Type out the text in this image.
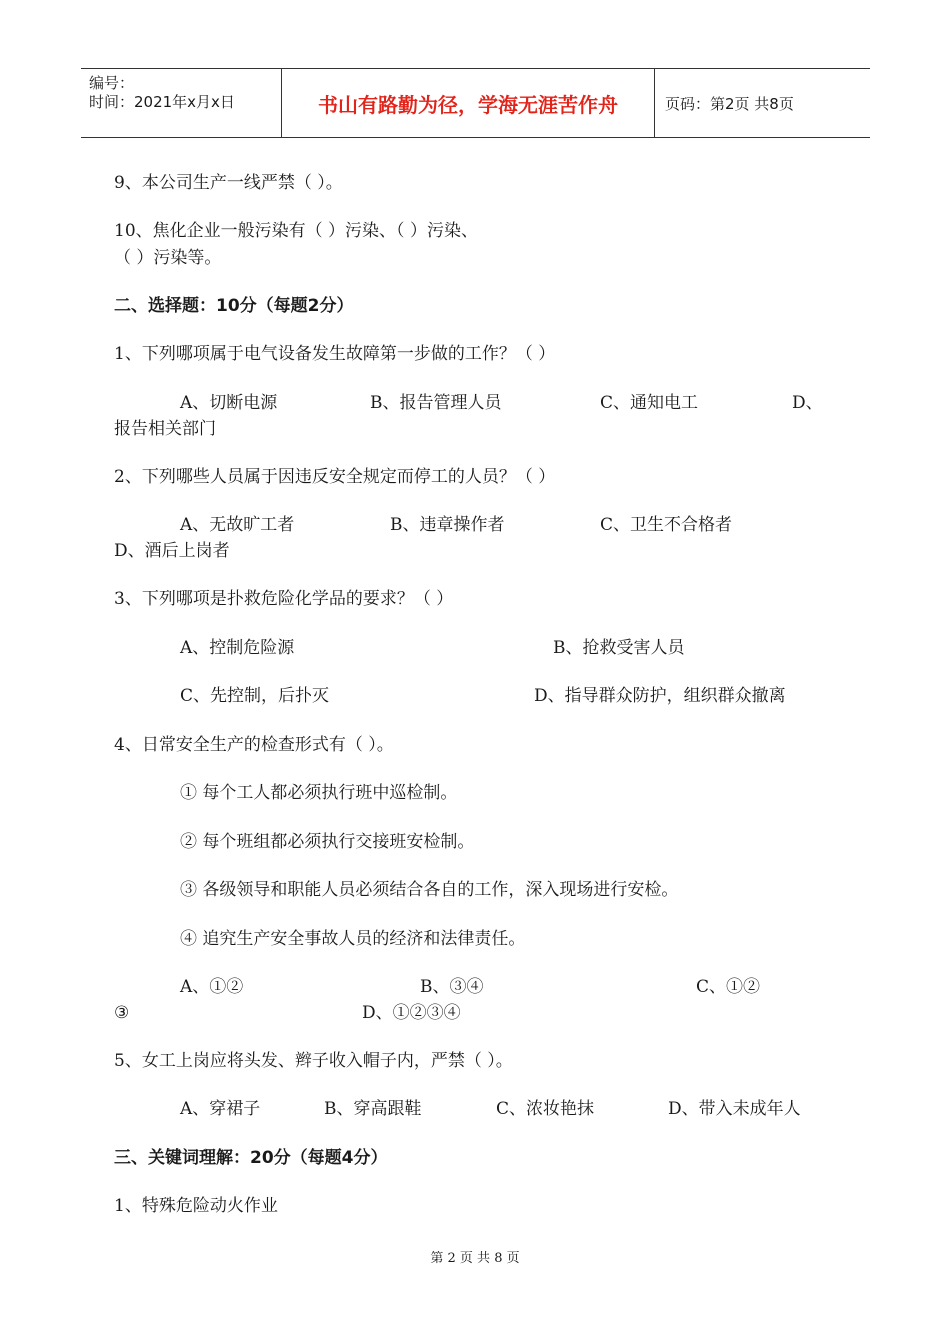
编号：
时间：2021年x月x日	书山有路勤为径，学海无涯苦作舟	页码：第2页 共8页
9、本公司生产一线严禁（ ）。
10、焦化企业一般污染有（ ）污染、（ ）污染、
（ ）污染等。
二、选择题：10分（每题2分）
1、下列哪项属于电气设备发生故障第一步做的工作？（ ）
A、切断电源	B、报告管理人员	C、通知电工	D、
报告相关部门
2、下列哪些人员属于因违反安全规定而停工的人员？（ ）
A、无故旷工者	B、违章操作者	C、卫生不合格者
D、酒后上岗者
3、下列哪项是扑救危险化学品的要求？（ ）
A、控制危险源	B、抢救受害人员
C、先控制，后扑灭	D、指导群众防护，组织群众撤离
4、日常安全生产的检查形式有（ ）。
① 每个工人都必须执行班中巡检制。
② 每个班组都必须执行交接班安检制。
③ 各级领导和职能人员必须结合各自的工作，深入现场进行安检。
④ 追究生产安全事故人员的经济和法律责任。
A、①②	B、③④	C、①②
③	D、①②③④
5、女工上岗应将头发、辫子收入帽子内，严禁（ ）。
A、穿裙子	B、穿高跟鞋	C、浓妆艳抹	D、带入未成年人
三、关键词理解：20分（每题4分）
1、特殊危险动火作业
第 2 页 共 8 页
